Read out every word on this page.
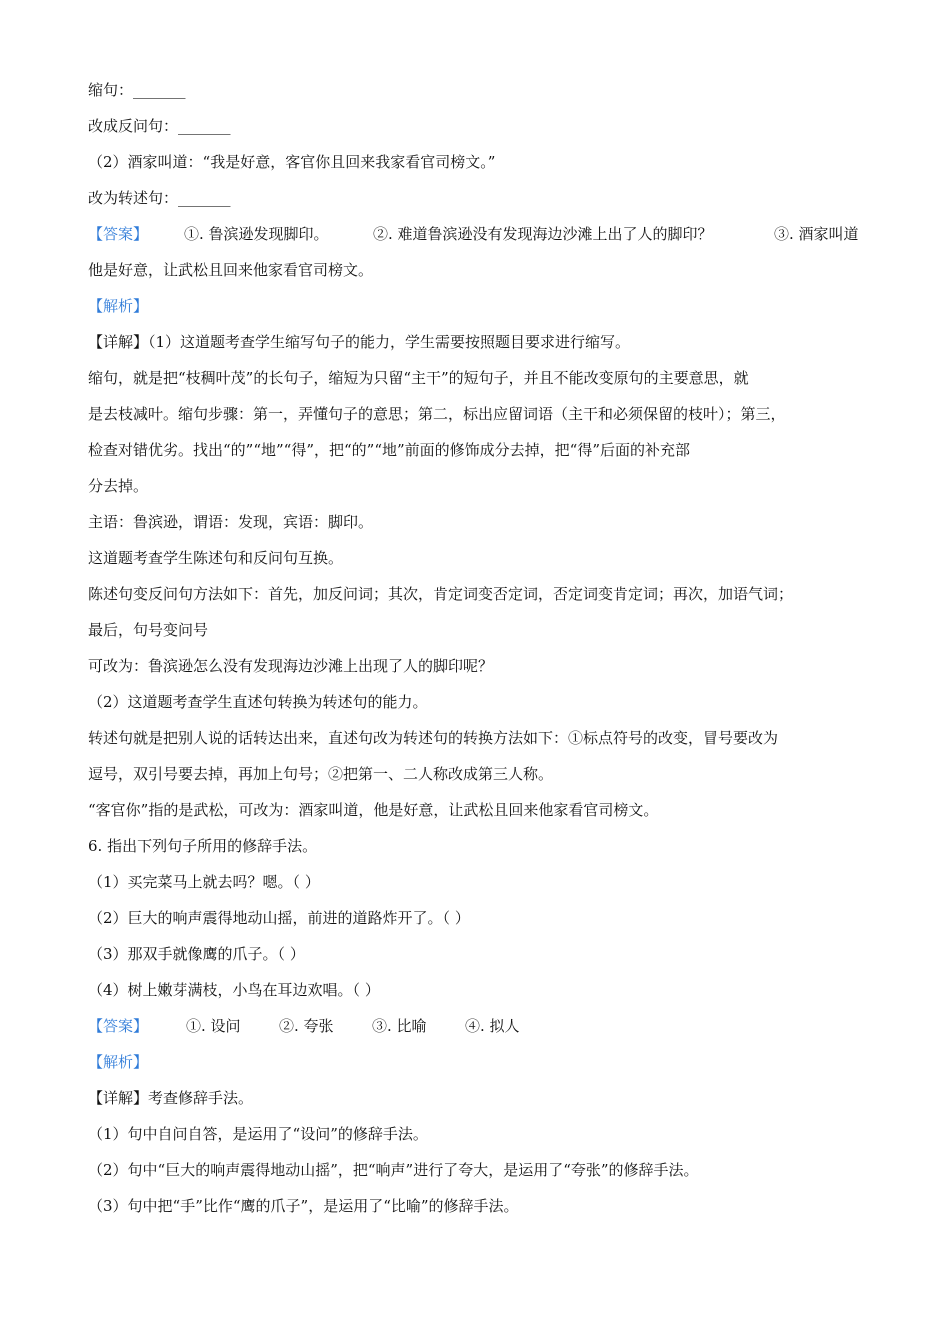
缩句：_______
改成反问句：_______
（2）酒家叫道：“我是好意，客官你且回来我家看官司榜文。”
改为转述句：_______
【答案】 ①. 鲁滨逊发现脚印。	②. 难道鲁滨逊没有发现海边沙滩上出了人的脚印？	③. 酒家叫道
他是好意，让武松且回来他家看官司榜文。
【解析】
【详解】（1）这道题考查学生缩写句子的能力，学生需要按照题目要求进行缩写。
缩句，就是把“枝稠叶茂”的长句子，缩短为只留“主干”的短句子，并且不能改变原句的主要意思，就
是去枝减叶。缩句步骤：第一，弄懂句子的意思；第二，标出应留词语（主干和必须保留的枝叶）；第三，
检查对错优劣。找出“的”“地”“得”，把“的”“地”前面的修饰成分去掉，把“得”后面的补充部
分去掉。
主语：鲁滨逊，谓语：发现，宾语：脚印。
这道题考查学生陈述句和反问句互换。
陈述句变反问句方法如下：首先，加反问词；其次，肯定词变否定词，否定词变肯定词；再次，加语气词；
最后，句号变问号
可改为：鲁滨逊怎么没有发现海边沙滩上出现了人的脚印呢？
（2）这道题考查学生直述句转换为转述句的能力。
转述句就是把别人说的话转达出来，直述句改为转述句的转换方法如下：①标点符号的改变，冒号要改为
逗号，双引号要去掉，再加上句号；②把第一、二人称改成第三人称。
“客官你”指的是武松，可改为：酒家叫道，他是好意，让武松且回来他家看官司榜文。
6. 指出下列句子所用的修辞手法。
（1）买完菜马上就去吗？嗯。（ ）
（2）巨大的响声震得地动山摇，前进的道路炸开了。（ ）
（3）那双手就像鹰的爪子。（ ）
（4）树上嫩芽满枝，小鸟在耳边欢唱。（ ）
【答案】	①. 设问	②. 夸张	③. 比喻	④. 拟人
【解析】
【详解】考查修辞手法。
（1）句中自问自答，是运用了“设问”的修辞手法。
（2）句中“巨大的响声震得地动山摇”，把“响声”进行了夸大，是运用了“夸张”的修辞手法。
（3）句中把“手”比作“鹰的爪子”，是运用了“比喻”的修辞手法。
